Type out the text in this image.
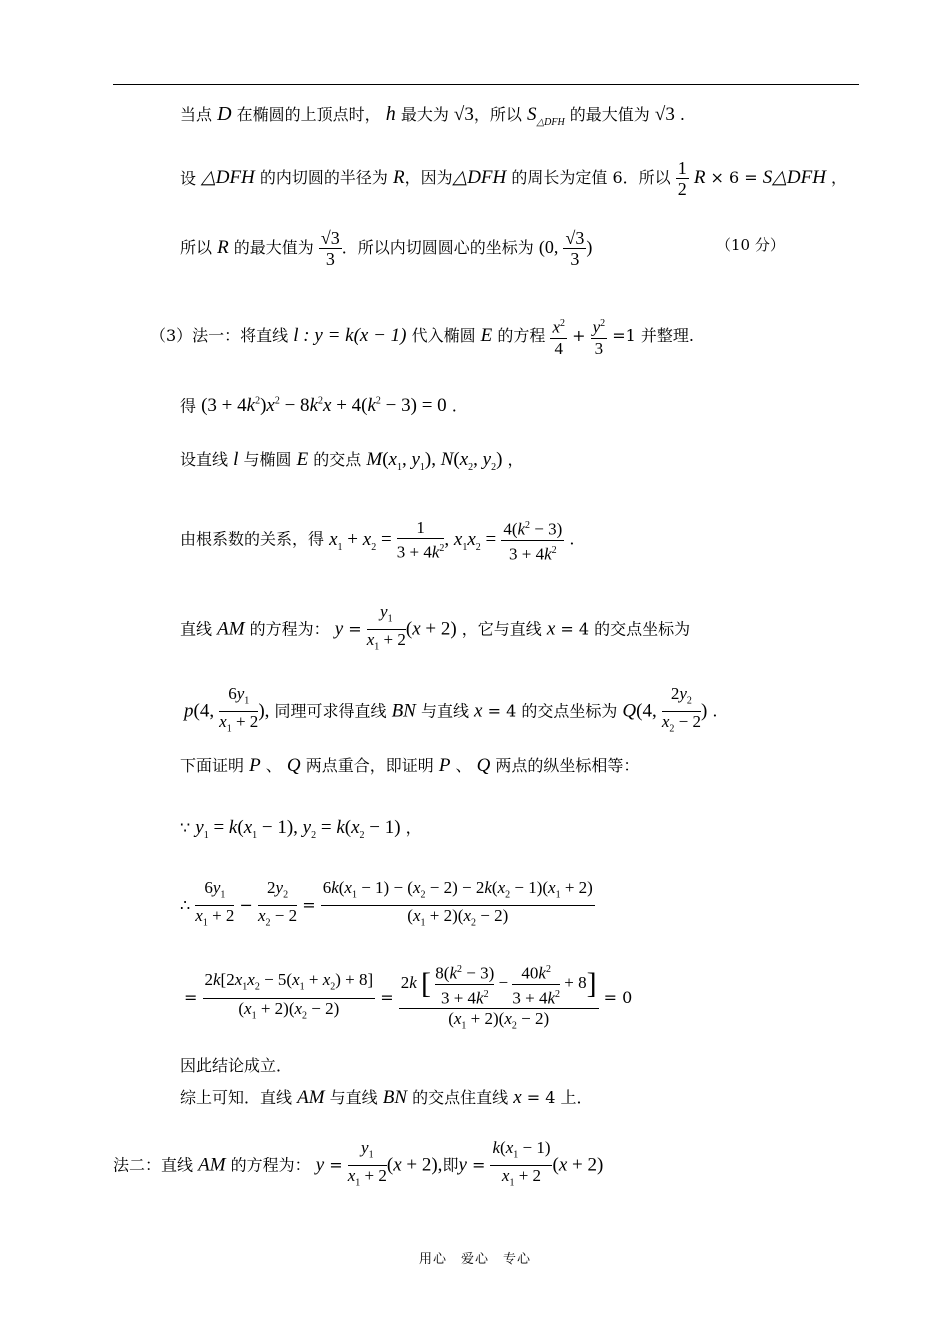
当点 D 在椭圆的上顶点时， h 最大为 √3，所以 $S_{\triangle DFH}$ 的最大值为 √3 .
设 △DFH 的内切圆的半径为 R，因为△DFH 的周长为定值 6．所以 $\frac{1}{2}$ R × 6 = S△DFH ，
所以 R 的最大值为 $\frac{√3}{3}$ ．所以内切圆圆心的坐标为 (0, $\frac{√3}{3}$ )	（10 分）
（3）法一：将直线 l : y = k(x − 1) 代入椭圆 E 的方程 $\frac{x^2}{4} + \frac{y^2}{3} =1$ 并整理.
得 $(3 + 4k^2)x^2 - 8k^2x + 4(k^2 - 3) = 0$ .
设直线 l 与椭圆 E 的交点 $M(x_1$, $y_1$), $N(x_2$, $y_2$) ，
由根系数的关系，得 $x_1 + x_2 = \frac{1}{3 + 4k^2}$ , $x_1x_2 = \frac{4(k^2 - 3)}{3 + 4k^2}$ .
直线 AM 的方程为： $y = \frac{y_1}{x_1 + 2} (x + 2)$ ，它与直线 x = 4 的交点坐标为
p(4, $\frac{6y_1}{x_1 + 2}$ ), 同理可求得直线 BN 与直线 x = 4 的交点坐标为 Q(4, $\frac{2y_2}{x_2 - 2}$ ) .
下面证明 P 、 Q 两点重合，即证明 P 、 Q 两点的纵坐标相等：
∵ $y_1 = k(x_1 - 1)$, $y_2 = k(x_2 - 1)$ ，
∴ $\frac{6y_1}{x_1 + 2} - \frac{2y_2}{x_2 - 2} = \frac{6k(x_1 - 1) - (x_2 - 2) - 2k(x_2 - 1)(x_1 + 2)}{(x_1 + 2)(x_2 - 2)}$
= $\frac{2k[2x_1x_2 - 5(x_1 + x_2) + 8]}{(x_1 + 2)(x_2 - 2)}$ =
2k [ $\frac{8(k^2 - 3)}{3 + 4k^2} - \frac{40k^2}{3 + 4k^2} + 8$]
$(x_1 + 2)(x_2 - 2)$
= 0
因此结论成立．
综上可知．直线 AM 与直线 BN 的交点住直线 x = 4 上．
法二：直线 AM 的方程为： $y = \frac{y_1}{x_1 + 2} (x + 2)$,即$y = \frac{k(x_1 - 1)}{x_1 + 2} (x + 2)$
用心　爱心　专心
